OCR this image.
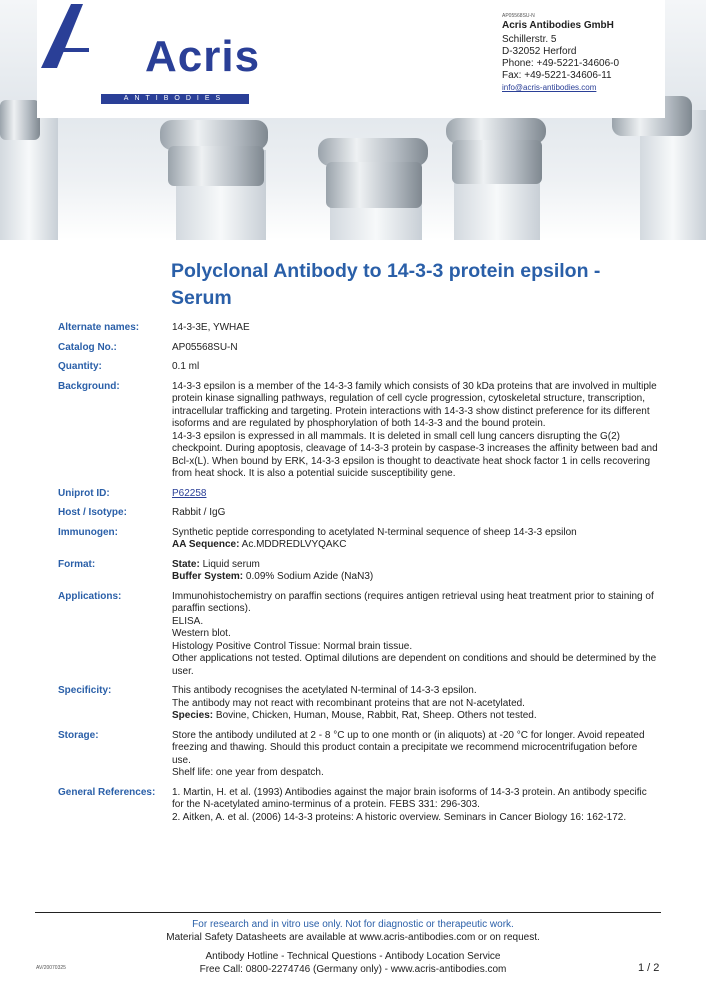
Acris
ANTIBODIES
AP05568SU-N
Acris Antibodies GmbH
Schillerstr. 5
D-32052 Herford
Phone: +49-5221-34606-0
Fax: +49-5221-34606-11
info@acris-antibodies.com
Polyclonal Antibody to 14-3-3 protein epsilon - Serum
Alternate names:	14-3-3E, YWHAE
Catalog No.:	AP05568SU-N
Quantity:	0.1 ml
Background:	14-3-3 epsilon is a member of the 14-3-3 family which consists of 30 kDa proteins that are involved in multiple protein kinase signalling pathways, regulation of cell cycle progression, cytoskeletal structure, transcription, intracellular trafficking and targeting. Protein interactions with 14-3-3 show distinct preference for its different isoforms and are regulated by phosphorylation of both 14-3-3 and the bound protein.
14-3-3 epsilon is expressed in all mammals. It is deleted in small cell lung cancers disrupting the G(2) checkpoint. During apoptosis, cleavage of 14-3-3 protein by caspase-3 increases the affinity between bad and Bcl-x(L). When bound by ERK, 14-3-3 epsilon is thought to deactivate heat shock factor 1 in cells recovering from heat shock. It is also a potential suicide susceptibility gene.
Uniprot ID:	P62258
Host / Isotype:	Rabbit / IgG
Immunogen:	Synthetic peptide corresponding to acetylated N-terminal sequence of sheep 14-3-3 epsilon
AA Sequence: Ac.MDDREDLVYQAKC
Format:	State: Liquid serum
Buffer System: 0.09% Sodium Azide (NaN3)
Applications:	Immunohistochemistry on paraffin sections (requires antigen retrieval using heat treatment prior to staining of paraffin sections).
ELISA.
Western blot.
Histology Positive Control Tissue: Normal brain tissue.
Other applications not tested. Optimal dilutions are dependent on conditions and should be determined by the user.
Specificity:	This antibody recognises the acetylated N-terminal of 14-3-3 epsilon.
The antibody may not react with recombinant proteins that are not N-acetylated.
Species: Bovine, Chicken, Human, Mouse, Rabbit, Rat, Sheep. Others not tested.
Storage:	Store the antibody undiluted at 2 - 8 °C up to one month or (in aliquots) at -20 °C for longer. Avoid repeated freezing and thawing. Should this product contain a precipitate we recommend microcentrifugation before use.
Shelf life: one year from despatch.
General References:	1. Martin, H. et al. (1993) Antibodies against the major brain isoforms of 14-3-3 protein. An antibody specific for the N-acetylated amino-terminus of a protein. FEBS 331: 296-303.
2. Aitken, A. et al. (2006) 14-3-3 proteins: A historic overview. Seminars in Cancer Biology 16: 162-172.
For research and in vitro use only. Not for diagnostic or therapeutic work.
Material Safety Datasheets are available at www.acris-antibodies.com or on request.
Antibody Hotline - Technical Questions - Antibody Location Service
Free Call: 0800-2274746 (Germany only) - www.acris-antibodies.com
AV/20070325	1 / 2
